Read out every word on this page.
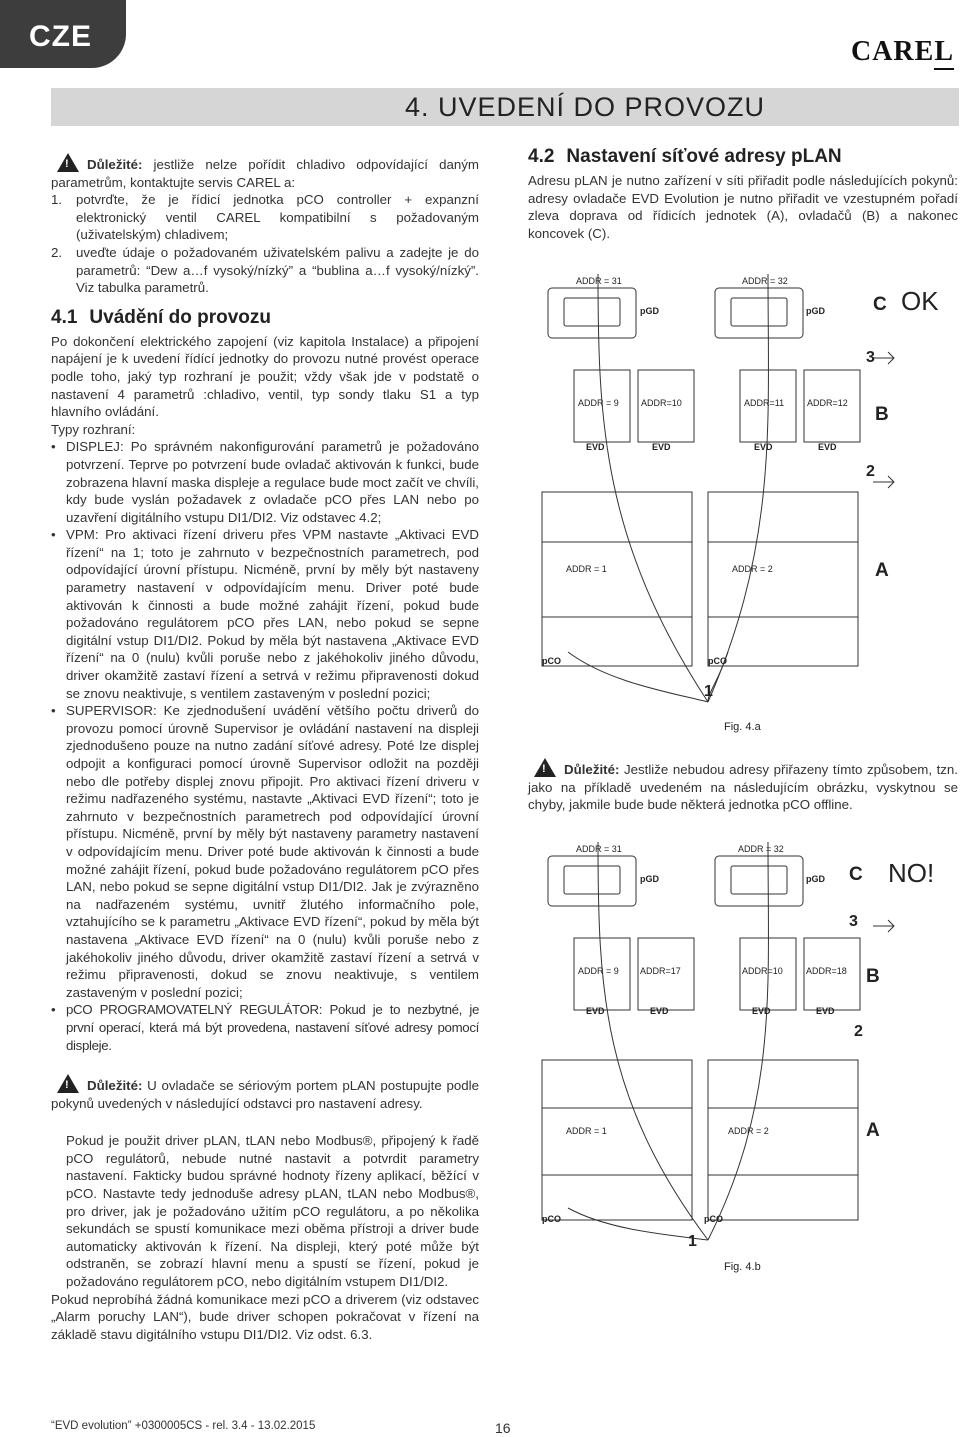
CZE	CAREL
4. UVEDENÍ DO PROVOZU

!Důležité: jestliže nelze pořídit chladivo odpovídající daným parametrům, kontaktujte servis CAREL a:

1. potvrďte, že je řídicí jednotka pCO controller + expanzní elektronický ventil CAREL kompatibilní s požadovaným (uživatelským) chladivem;
2. uveďte údaje o požadovaném uživatelském palivu a zadejte je do parametrů: “Dew a…f vysoký/nízký” a “bublina a…f vysoký/nízký”. Viz tabulka parametrů.
4.1 Uvádění do provozu

Po dokončení elektrického zapojení (viz kapitola Instalace) a připojení napájení je k uvedení řídící jednotky do provozu nutné provést operace podle toho, jaký typ rozhraní je použit; vždy však jde v podstatě o nastavení 4 parametrů :chladivo, ventil, typ sondy tlaku S1 a typ hlavního ovládání.

Typy rozhraní:

• DISPLEJ: Po správném nakonfigurování parametrů je požadováno potvrzení. Teprve po potvrzení bude ovladač aktivován k funkci, bude zobrazena hlavní maska displeje a regulace bude moct začít ve chvíli, kdy bude vyslán požadavek z ovladače pCO přes LAN nebo po uzavření digitálního vstupu DI1/DI2. Viz odstavec 4.2;
• VPM: Pro aktivaci řízení driveru přes VPM nastavte „Aktivaci EVD řízení“ na 1; toto je zahrnuto v bezpečnostních parametrech, pod odpovídající úrovní přístupu. Nicméně, první by měly být nastaveny parametry nastavení v odpovídajícím menu. Driver poté bude aktivován k činnosti a bude možné zahájit řízení, pokud bude požadováno regulátorem pCO přes LAN, nebo pokud se sepne digitální vstup DI1/DI2. Pokud by měla být nastavena „Aktivace EVD řízení“ na 0 (nulu) kvůli poruše nebo z jakéhokoliv jiného důvodu, driver okamžitě zastaví řízení a setrvá v režimu připravenosti dokud se znovu neaktivuje, s ventilem zastaveným v poslední pozici;
• SUPERVISOR: Ke zjednodušení uvádění většího počtu driverů do provozu pomocí úrovně Supervisor je ovládání nastavení na displeji zjednodušeno pouze na nutno zadání síťové adresy. Poté lze displej odpojit a konfiguraci pomocí úrovně Supervisor odložit na později nebo dle potřeby displej znovu připojit. Pro aktivaci řízení driveru v režimu nadřazeného systému, nastavte „Aktivaci EVD řízení“; toto je zahrnuto v bezpečnostních parametrech pod odpovídající úrovní přístupu. Nicméně, první by měly být nastaveny parametry nastavení v odpovídajícím menu. Driver poté bude aktivován k činnosti a bude možné zahájit řízení, pokud bude požadováno regulátorem pCO přes LAN, nebo pokud se sepne digitální vstup DI1/DI2. Jak je zvýrazněno na nadřazeném systému, uvnitř žlutého informačního pole, vztahujícího se k parametru „Aktivace EVD řízení“, pokud by měla být nastavena „Aktivace EVD řízení“ na 0 (nulu) kvůli poruše nebo z jakéhokoliv jiného důvodu, driver okamžitě zastaví řízení a setrvá v režimu připravenosti, dokud se znovu neaktivuje, s ventilem zastaveným v poslední pozici;
• pCO PROGRAMOVATELNÝ REGULÁTOR: Pokud je to nezbytné, je první operací, která má být provedena, nastavení síťové adresy pomocí displeje.

!Důležité: U ovladače se sériovým portem pLAN postupujte podle pokynů uvedených v následující odstavci pro nastavení adresy.

Pokud je použit driver pLAN, tLAN nebo Modbus®, připojený k řadě pCO regulátorů, nebude nutné nastavit a potvrdit parametry nastavení. Fakticky budou správné hodnoty řízeny aplikací, běžící v pCO. Nastavte tedy jednoduše adresy pLAN, tLAN nebo Modbus®, pro driver, jak je požadováno užitím pCO regulátoru, a po několika sekundách se spustí komunikace mezi oběma přístroji a driver bude automaticky aktivován k řízení. Na displeji, který poté může být odstraněn, se zobrazí hlavní menu a spustí se řízení, pokud je požadováno regulátorem pCO, nebo digitálním vstupem DI1/DI2.

Pokud neprobíhá žádná komunikace mezi pCO a driverem (viz odstavec „Alarm poruchy LAN“), bude driver schopen pokračovat v řízení na základě stavu digitálního vstupu DI1/DI2. Viz odst. 6.3.

4.2 Nastavení síťové adresy pLAN

Adresu pLAN je nutno zařízení v síti přiřadit podle následujících pokynů: adresy ovladače EVD Evolution je nutno přiřadit ve vzestupném pořadí zleva doprava od řídicích jednotek (A), ovladačů (B) a nakonec koncovek (C).

ADDR = 31	ADDR = 32
pGD	pGD
ADDR = 9 ADDR=10	ADDR=11	ADDR=12
EVD	EVD	EVD	EVD
ADDR = 1	ADDR = 2
pCO	pCO
C OK
3
B
2
A
1
Fig. 4.a

!Důležité: Jestliže nebudou adresy přiřazeny tímto způsobem, tzn. jako na příkladě uvedeném na následujícím obrázku, vyskytnou se chyby, jakmile bude bude některá jednotka pCO offline.

ADDR = 31	ADDR = 32
pGD	pGD
ADDR = 9 ADDR=17	ADDR=10	ADDR=18
EVD	EVD	EVD	EVD
ADDR = 1	ADDR = 2
pCO	pCO
C NO!
3
B
2
A
1
Fig. 4.b
“EVD evolution” +0300005CS - rel. 3.4 - 13.02.2015	16
